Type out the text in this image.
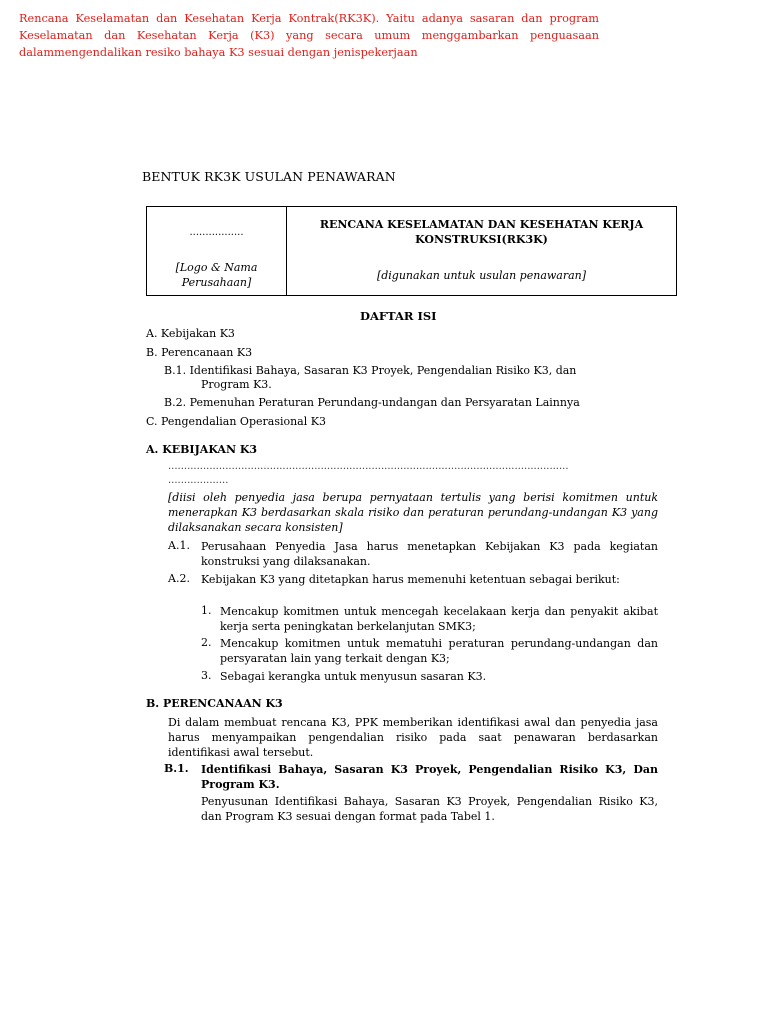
Rencana Keselamatan dan Kesehatan Kerja Kontrak(RK3K). Yaitu adanya sasaran dan program Keselamatan dan Kesehatan Kerja (K3) yang secara umum menggambarkan penguasaan dalammengendalikan resiko bahaya K3 sesuai dengan jenispekerjaan
BENTUK RK3K USULAN PENAWARAN
.................
[Logo & Nama Perusahaan]
RENCANA KESELAMATAN DAN KESEHATAN KERJA KONSTRUKSI(RK3K)
[digunakan untuk usulan penawaran]
DAFTAR ISI
A. Kebijakan K3
B. Perencanaan K3
B.1. Identifikasi Bahaya, Sasaran K3 Proyek, Pengendalian Risiko K3, dan
Program K3.
B.2. Pemenuhan Peraturan Perundang-undangan dan Persyaratan Lainnya
C. Pengendalian Operasional K3
A. KEBIJAKAN K3
..............................................................................................................................
...................
[diisi oleh penyedia jasa berupa pernyataan tertulis yang berisi komitmen untuk menerapkan K3 berdasarkan skala risiko dan peraturan perundang-undangan K3 yang dilaksanakan secara konsisten]
A.1. Perusahaan Penyedia Jasa harus menetapkan Kebijakan K3 pada kegiatan konstruksi yang dilaksanakan.
A.2. Kebijakan K3 yang ditetapkan harus memenuhi ketentuan sebagai berikut:
1. Mencakup komitmen untuk mencegah kecelakaan kerja dan penyakit akibat kerja serta peningkatan berkelanjutan SMK3;
2. Mencakup komitmen untuk mematuhi peraturan perundang-undangan dan persyaratan lain yang terkait dengan K3;
3. Sebagai kerangka untuk menyusun sasaran K3.
B. PERENCANAAN K3
Di dalam membuat rencana K3, PPK memberikan identifikasi awal dan penyedia jasa harus menyampaikan pengendalian risiko pada saat penawaran berdasarkan identifikasi awal tersebut.
B.1. Identifikasi Bahaya, Sasaran K3 Proyek, Pengendalian Risiko K3, Dan Program K3.
Penyusunan Identifikasi Bahaya, Sasaran K3 Proyek, Pengendalian Risiko K3, dan Program K3 sesuai dengan format pada Tabel 1.
